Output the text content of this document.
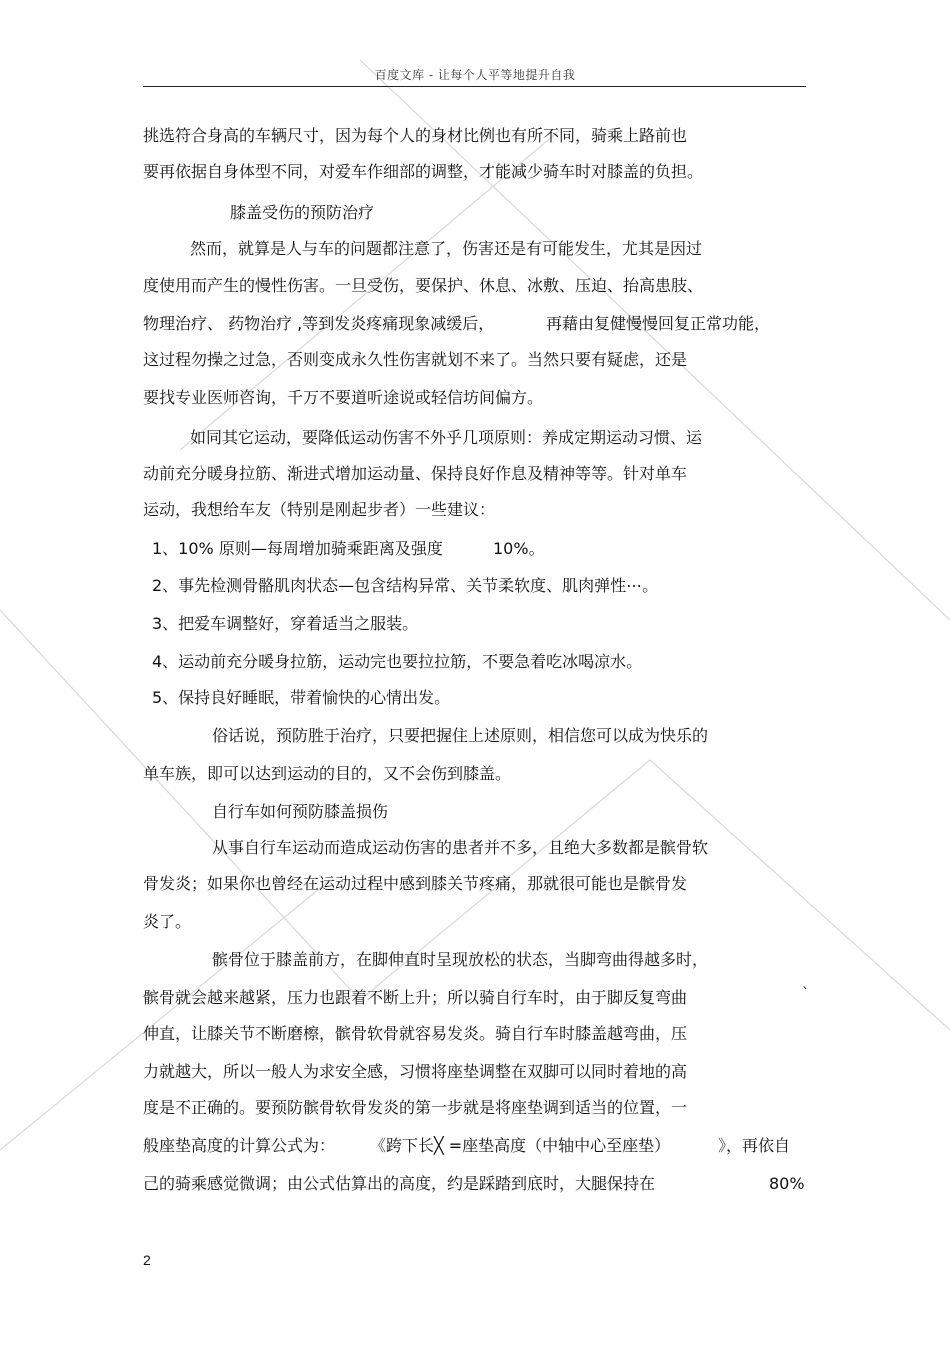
百度文库 - 让每个人平等地提升自我
挑选符合身高的车辆尺寸，因为每个人的身材比例也有所不同，骑乘上路前也
要再依据自身体型不同，对爱车作细部的调整，才能减少骑车时对膝盖的负担。
膝盖受伤的预防治疗
然而，就算是人与车的问题都注意了，伤害还是有可能发生，尤其是因过
度使用而产生的慢性伤害。一旦受伤，要保护、休息、冰敷、压迫、抬高患肢、
物理治疗、 药物治疗 ,等到发炎疼痛现象减缓后，	再藉由复健慢慢回复正常功能，
这过程勿操之过急，否则变成永久性伤害就划不来了。当然只要有疑虑，还是
要找专业医师咨询，千万不要道听途说或轻信坊间偏方。
如同其它运动，要降低运动伤害不外乎几项原则：养成定期运动习惯、运
动前充分暖身拉筋、渐进式增加运动量、保持良好作息及精神等等。针对单车
运动，我想给车友（特别是刚起步者）一些建议：
1、10% 原则—每周增加骑乘距离及强度	10%。
2、事先检测骨骼肌肉状态—包含结构异常、关节柔软度、肌肉弹性⋯。
3、把爱车调整好，穿着适当之服装。
4、运动前充分暖身拉筋，运动完也要拉拉筋，不要急着吃冰喝凉水。
5、保持良好睡眠，带着愉快的心情出发。
俗话说，预防胜于治疗，只要把握住上述原则，相信您可以成为快乐的
单车族，即可以达到运动的目的，又不会伤到膝盖。
自行车如何预防膝盖损伤
从事自行车运动而造成运动伤害的患者并不多，且绝大多数都是髌骨软
骨发炎；如果你也曾经在运动过程中感到膝关节疼痛，那就很可能也是髌骨发
炎了。
髌骨位于膝盖前方，在脚伸直时呈现放松的状态，当脚弯曲得越多时，
髌骨就会越来越紧，压力也跟着不断上升；所以骑自行车时，由于脚反复弯曲	`
伸直，让膝关节不断磨檫，髌骨软骨就容易发炎。骑自行车时膝盖越弯曲，压
力就越大，所以一般人为求安全感，习惯将座垫调整在双脚可以同时着地的高
度是不正确的。要预防髌骨软骨发炎的第一步就是将座垫调到适当的位置，一
般座垫高度的计算公式为： 《跨下长╳ =座垫高度（中轴中心至座垫）	》，再依自
己的骑乘感觉微调；由公式估算出的高度，约是踩踏到底时，大腿保持在	80%
2
